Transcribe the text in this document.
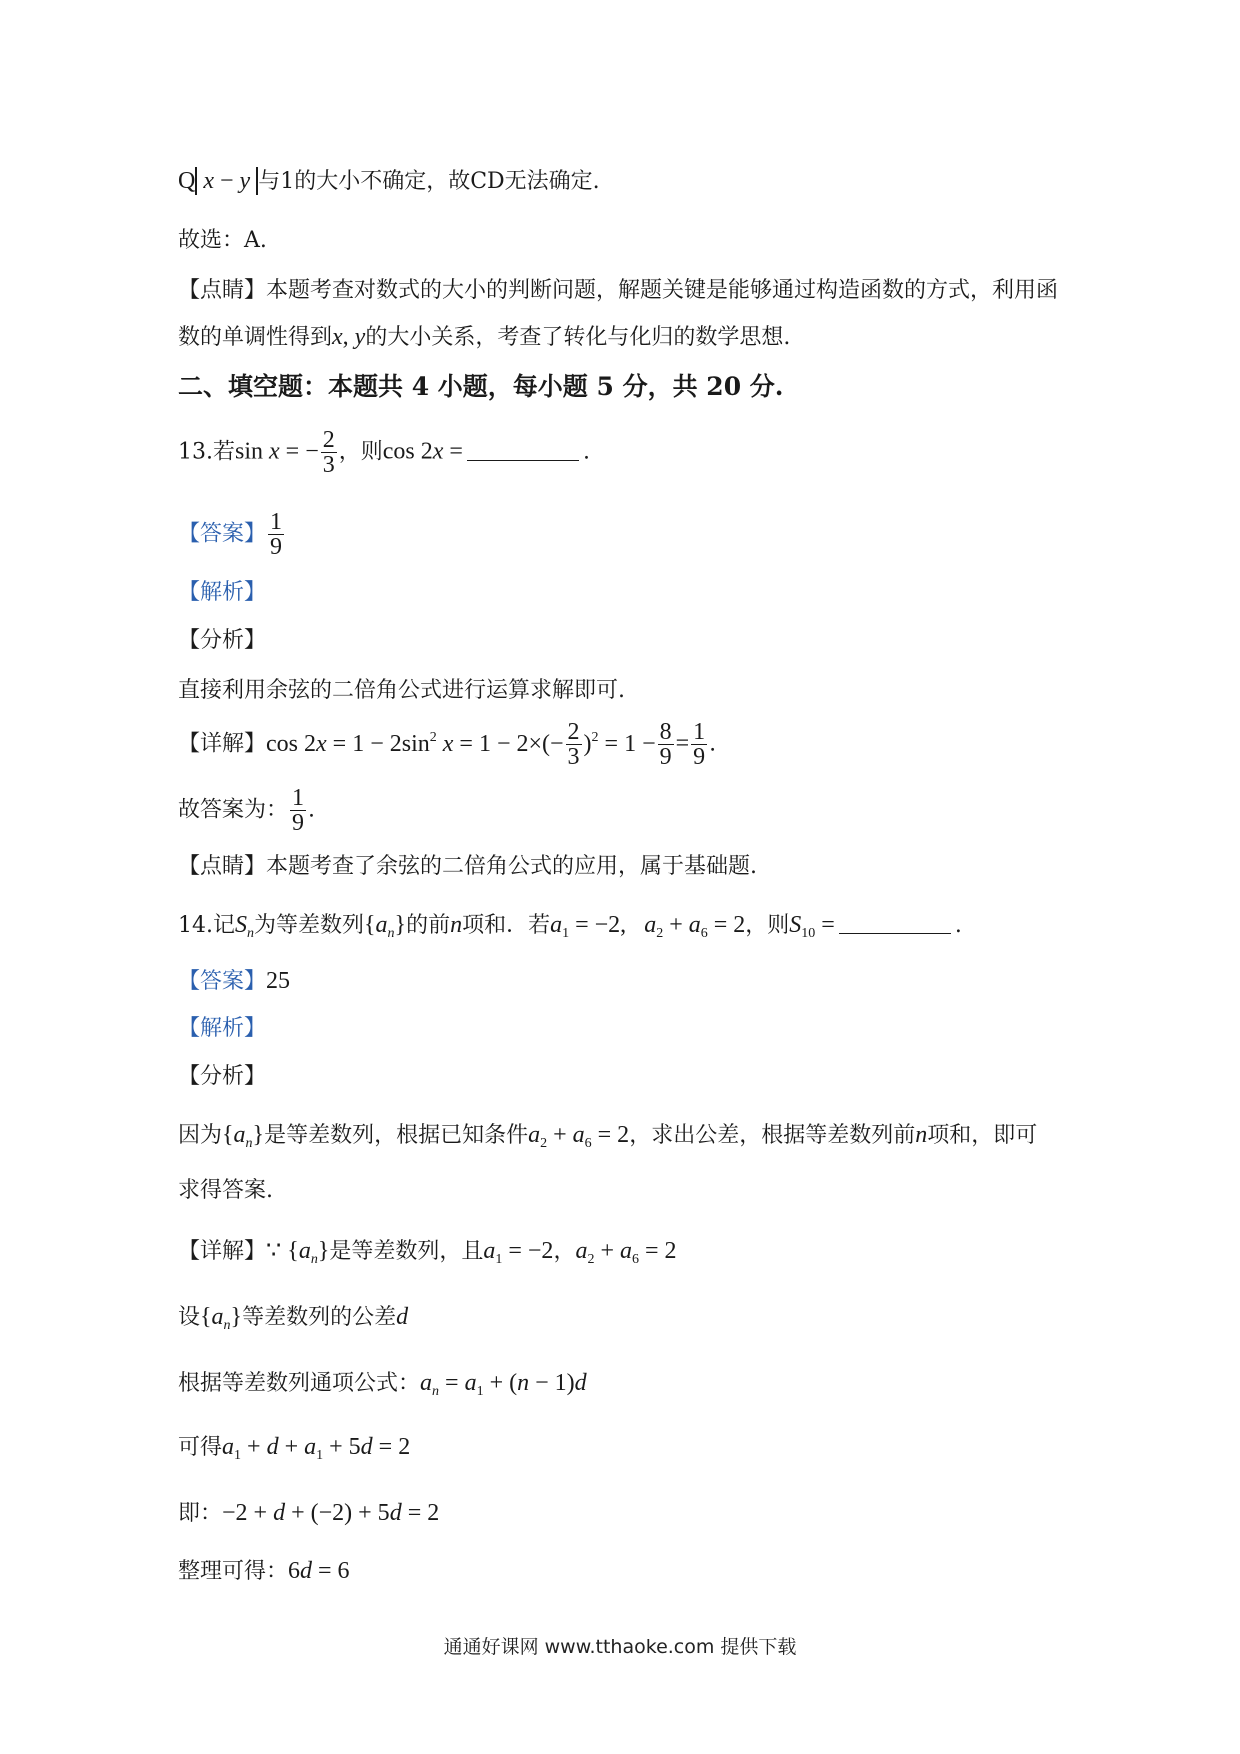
Q x − y 与1的大小不确定，故CD无法确定.
故选：A.
【点睛】本题考查对数式的大小的判断问题，解题关键是能够通过构造函数的方式，利用函
数的单调性得到x, y的大小关系，考查了转化与化归的数学思想.
二、填空题：本题共 4 小题，每小题 5 分，共 20 分.
13.若sin x = − $\frac{2}{3}$ ，则cos 2x =	.
【答案】 $\frac{1}{9}$
【解析】
【分析】
直接利用余弦的二倍角公式进行运算求解即可.
【详解】$\cos 2x = 1 - 2\sin^2$ $x = 1 - 2\times(- \frac{2}{3} )^2 = 1 - \frac{8}{9} = \frac{1}{9}$ .
故答案为： $\frac{1}{9}$ .
【点睛】本题考查了余弦的二倍角公式的应用，属于基础题.
14.记$S_n$为等差数列$\{a_n\}$的前n项和．若$a_1 = -2$,   $a_2 + a_6 = 2$，则$S_{10}$ =	.
【答案】25
【解析】
【分析】
因为$\{a_n\}$是等差数列，根据已知条件$a_2 + a_6 = 2$，求出公差，根据等差数列前n项和，即可
求得答案.
【详解】∵ $\{a_n\}$是等差数列，且$a_1 = -2$，$a_2 + a_6 = 2$
设$\{a_n\}$等差数列的公差d
根据等差数列通项公式：$a_n = a_1 + (n - 1)d$
可得$a_1 + d + a_1 + 5d = 2$
即：−2 + d + (−2) + 5d = 2
整理可得：6d = 6
通通好课网 www.tthaoke.com 提供下载
